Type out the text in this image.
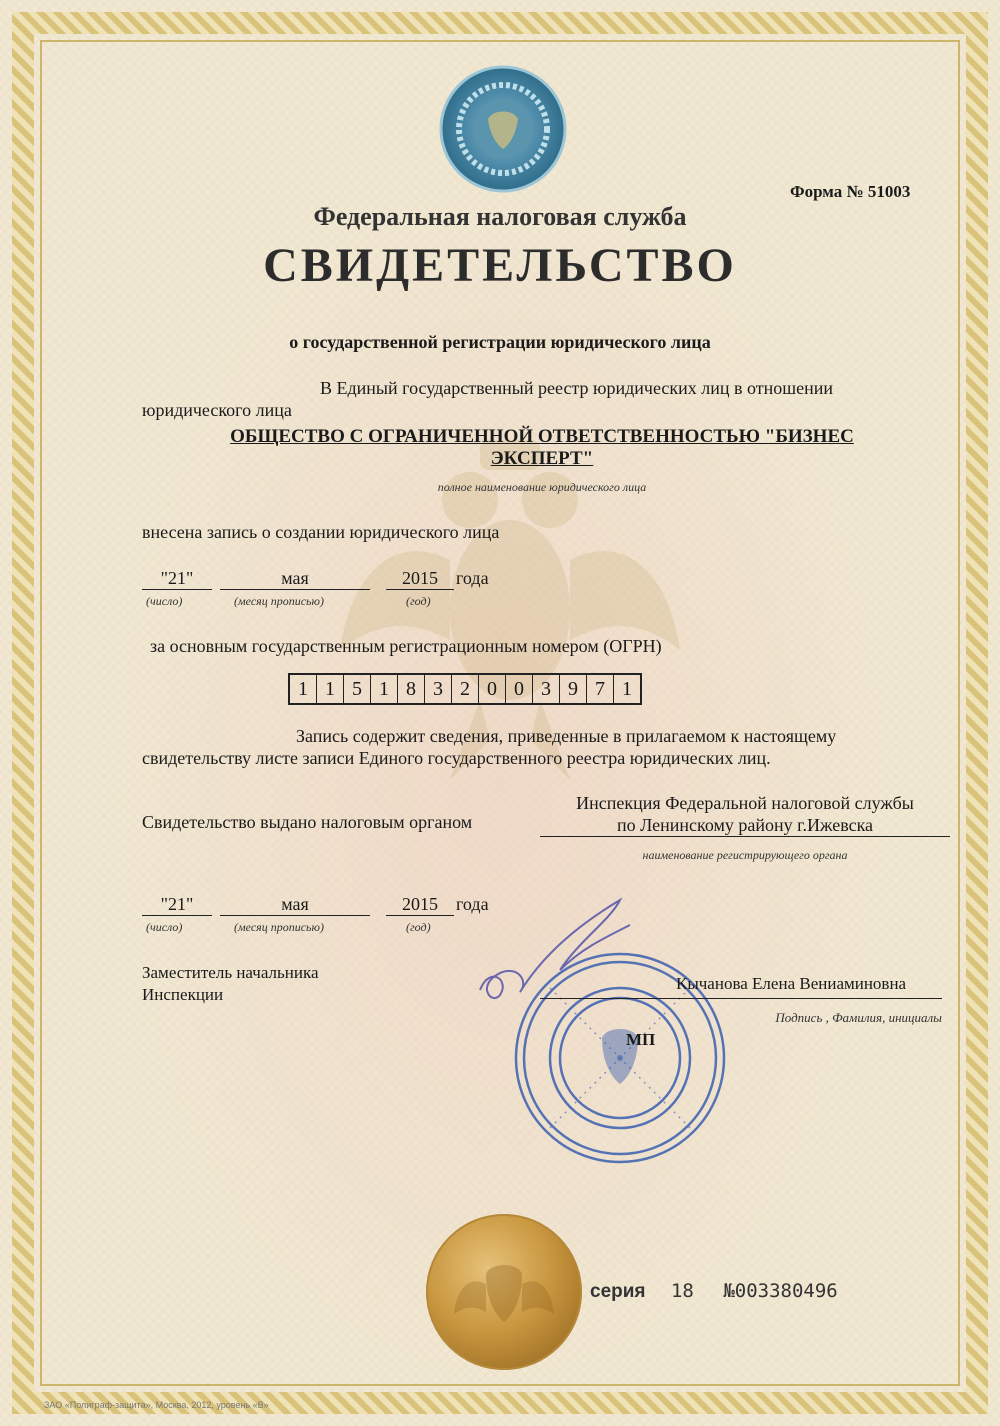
Форма № 51003
Федеральная налоговая служба
СВИДЕТЕЛЬСТВО
о государственной регистрации юридического лица
В Единый государственный реестр юридических лиц в отношении
юридического лица
ОБЩЕСТВО С ОГРАНИЧЕННОЙ ОТВЕТСТВЕННОСТЬЮ "БИЗНЕС
ЭКСПЕРТ"
полное наименование юридического лица
внесена запись о создании юридического лица
"21"	мая	2015	года
(число)	(месяц прописью)	(год)
за основным государственным регистрационным номером (ОГРН)
1 1 5 1 8 3 2 0 0 3 9 7 1
Запись содержит сведения, приведенные в прилагаемом к настоящему
свидетельству листе записи Единого государственного реестра юридических лиц.
Свидетельство выдано налоговым органом
Инспекция Федеральной налоговой службы
по Ленинскому району г.Ижевска
наименование регистрирующего органа
"21"	мая	2015	года
(число)	(месяц прописью)	(год)
Заместитель начальника
Инспекции
Кычанова Елена Вениаминовна
Подпись , Фамилия, инициалы
МП
серия 18 №003380496
ЗАО «Полиграф-защита», Москва, 2012, уровень «В»
